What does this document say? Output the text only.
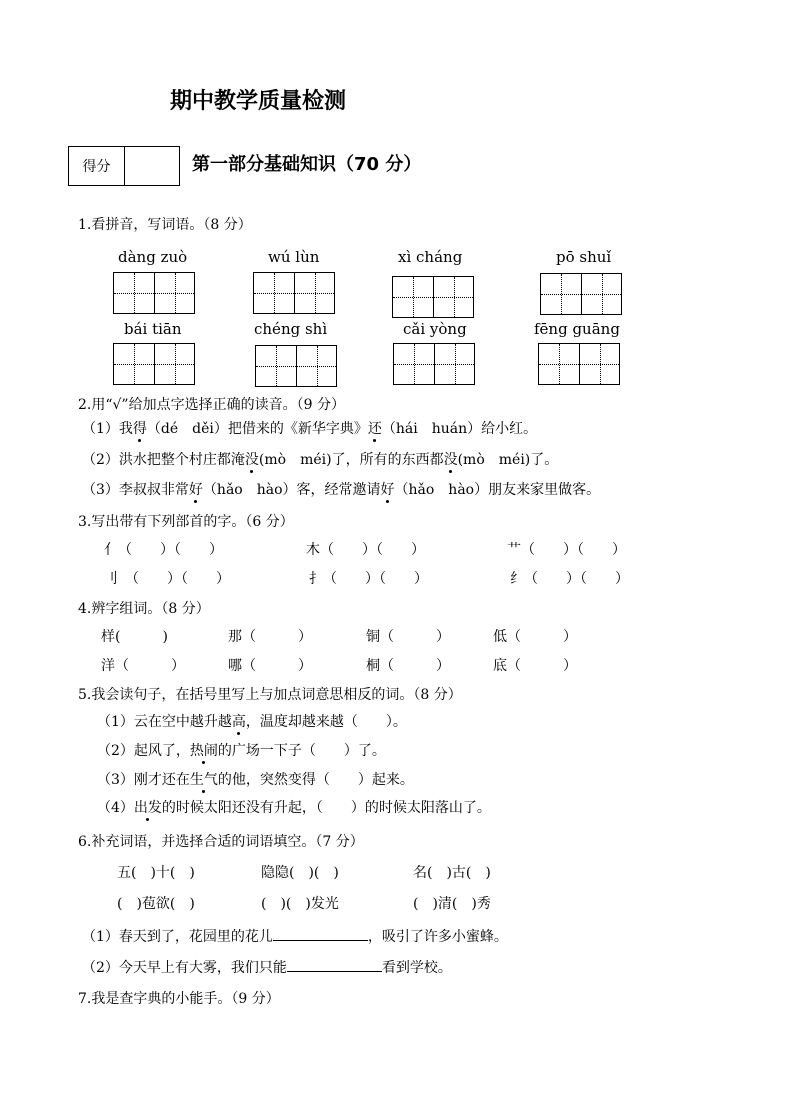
期中教学质量检测
得分	第一部分基础知识（70 分）
1.看拼音，写词语。（8 分）
dàng zuò	wú lùn	xì cháng	pō shuǐ
bái tiān	chéng shì	cǎi yòng	fēng guāng
2.用“√”给加点字选择正确的读音。（9 分）
（1）我得（dé　děi）把借来的《新华字典》还（hái　huán）给小红。
（2）洪水把整个村庄都淹没(mò　méi)了，所有的东西都没(mò　méi)了。
（3）李叔叔非常好（hǎo　hào）客，经常邀请好（hǎo　hào）朋友来家里做客。
3.写出带有下列部首的字。（6 分）
亻（　　）（　　）	木（　　）（　　）	艹（　　）（　　）
刂　（　　）（　　）	扌（　　）（　　）	纟（　　）（　　）
4.辨字组词。（8 分）
样(　　　)	那（　　　）	铜（　　　）	低（　　　）
洋（　　　）	哪（　　　）	桐（　　　）	底（　　　）
5.我会读句子，在括号里写上与加点词意思相反的词。（8 分）
（1）云在空中越升越高，温度却越来越（　　）。
（2）起风了，热闹的广场一下子（　　）了。
（3）刚才还在生气的他，突然变得（　　）起来。
（4）出发的时候太阳还没有升起，（　　）的时候太阳落山了。
6.补充词语，并选择合适的词语填空。（7 分）
五(　)十(　)	隐隐(　)(　)	名(　)古(　)
(　)苞欲(　)	(　)(　)发光	(　)清(　)秀
（1）春天到了，花园里的花儿	，吸引了许多小蜜蜂。
（2）今天早上有大雾，我们只能	看到学校。
7.我是查字典的小能手。（9 分）
